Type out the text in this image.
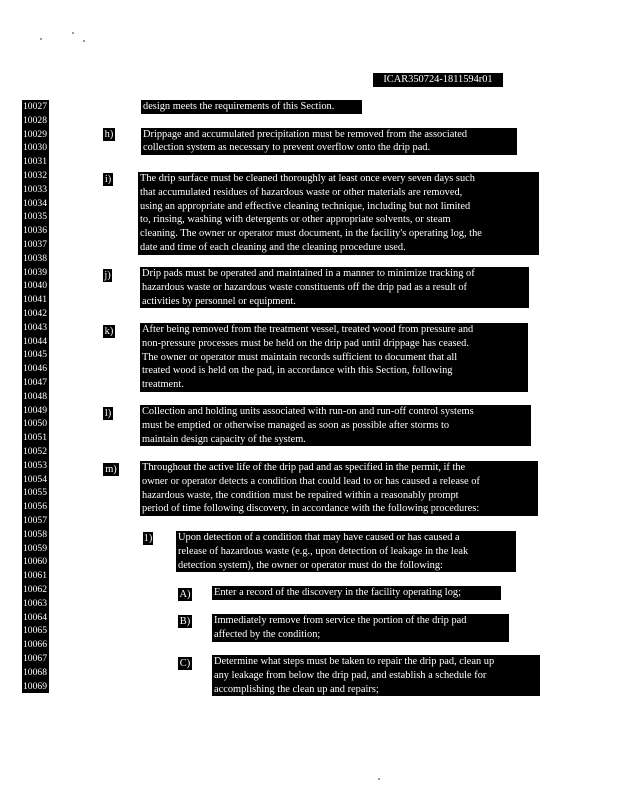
ICAR350724-1811594r01
10027
10028
10029
10030
10031
10032
10033
10034
10035
10036
10037
10038
10039
10040
10041
10042
10043
10044
10045
10046
10047
10048
10049
10050
10051
10052
10053
10054
10055
10056
10057
10058
10059
10060
10061
10062
10063
10064
10065
10066
10067
10068
10069
design meets the requirements of this Section.
h)	Drippage and accumulated precipitation must be removed from the associated
collection system as necessary to prevent overflow onto the drip pad.
i)	The drip surface must be cleaned thoroughly at least once every seven days such
that accumulated residues of hazardous waste or other materials are removed,
using an appropriate and effective cleaning technique, including but not limited
to, rinsing, washing with detergents or other appropriate solvents, or steam
cleaning. The owner or operator must document, in the facility's operating log, the
date and time of each cleaning and the cleaning procedure used.
j)	Drip pads must be operated and maintained in a manner to minimize tracking of
hazardous waste or hazardous waste constituents off the drip pad as a result of
activities by personnel or equipment.
k)	After being removed from the treatment vessel, treated wood from pressure and
non-pressure processes must be held on the drip pad until drippage has ceased.
The owner or operator must maintain records sufficient to document that all
treated wood is held on the pad, in accordance with this Section, following
treatment.
l)	Collection and holding units associated with run-on and run-off control systems
must be emptied or otherwise managed as soon as possible after storms to
maintain design capacity of the system.
m) Throughout the active life of the drip pad and as specified in the permit, if the
owner or operator detects a condition that could lead to or has caused a release of
hazardous waste, the condition must be repaired within a reasonably prompt
period of time following discovery, in accordance with the following procedures:
1) Upon detection of a condition that may have caused or has caused a
release of hazardous waste (e.g., upon detection of leakage in the leak
detection system), the owner or operator must do the following:
A) Enter a record of the discovery in the facility operating log;
B) Immediately remove from service the portion of the drip pad
affected by the condition;
C) Determine what steps must be taken to repair the drip pad, clean up
any leakage from below the drip pad, and establish a schedule for
accomplishing the clean up and repairs;
